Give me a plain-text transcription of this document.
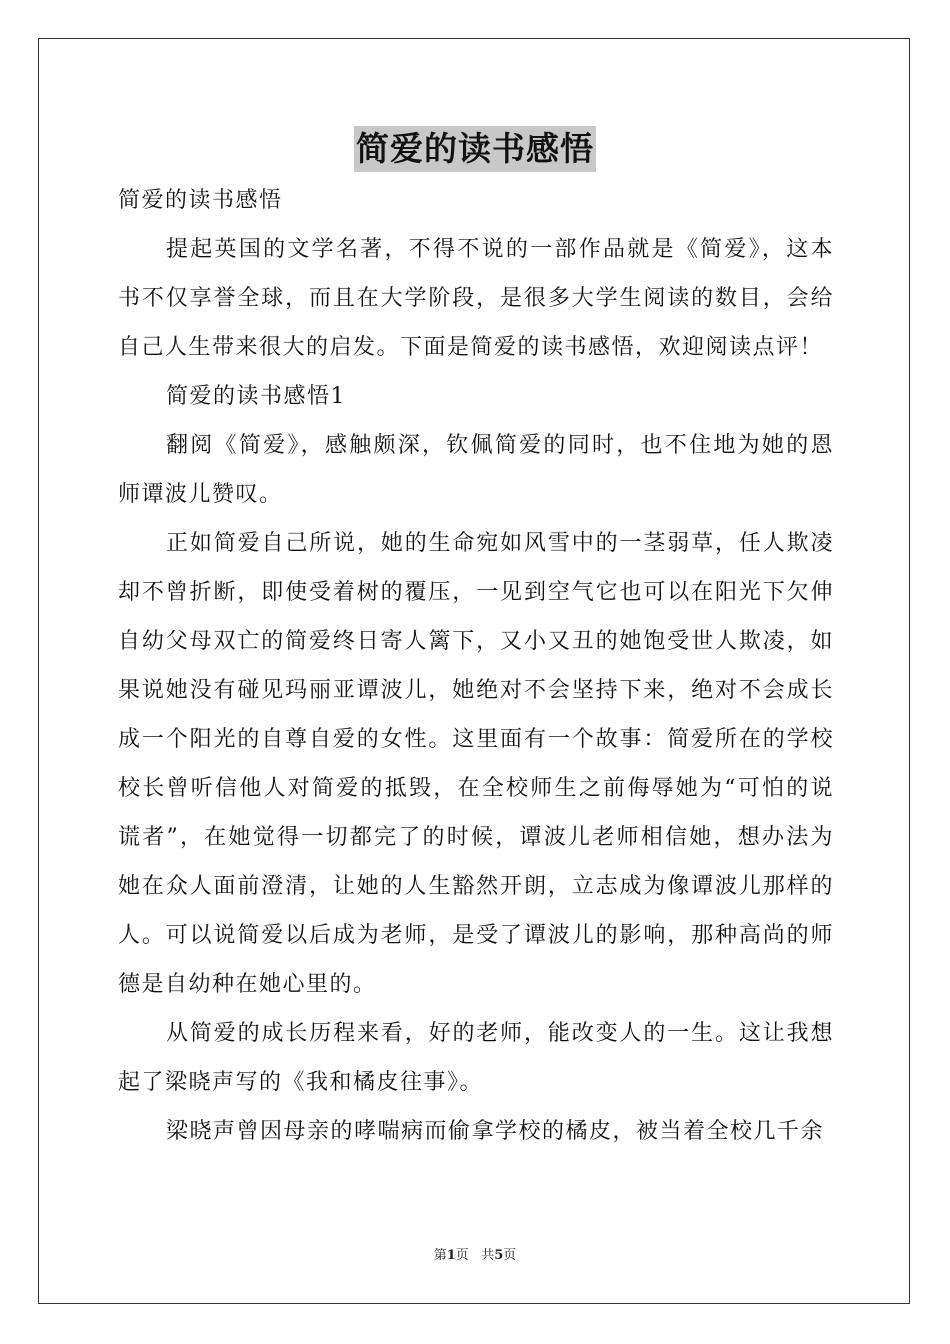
简爱的读书感悟

简爱的读书感悟

提起英国的文学名著，不得不说的一部作品就是《简爱》，这本书不仅享誉全球，而且在大学阶段，是很多大学生阅读的数目，会给自己人生带来很大的启发。下面是简爱的读书感悟，欢迎阅读点评！

简爱的读书感悟1

翻阅《简爱》，感触颇深，钦佩简爱的同时，也不住地为她的恩师谭波儿赞叹。

正如简爱自己所说，她的生命宛如风雪中的一茎弱草，任人欺凌却不曾折断，即使受着树的覆压，一见到空气它也可以在阳光下欠伸自幼父母双亡的简爱终日寄人篱下，又小又丑的她饱受世人欺凌，如果说她没有碰见玛丽亚谭波儿，她绝对不会坚持下来，绝对不会成长成一个阳光的自尊自爱的女性。这里面有一个故事：简爱所在的学校校长曾听信他人对简爱的抵毁，在全校师生之前侮辱她为“可怕的说谎者”，在她觉得一切都完了的时候，谭波儿老师相信她，想办法为她在众人面前澄清，让她的人生豁然开朗，立志成为像谭波儿那样的人。可以说简爱以后成为老师，是受了谭波儿的影响，那种高尚的师德是自幼种在她心里的。

从简爱的成长历程来看，好的老师，能改变人的一生。这让我想起了梁晓声写的《我和橘皮往事》。

梁晓声曾因母亲的哮喘病而偷拿学校的橘皮，被当着全校几千余

第1页 共5页
